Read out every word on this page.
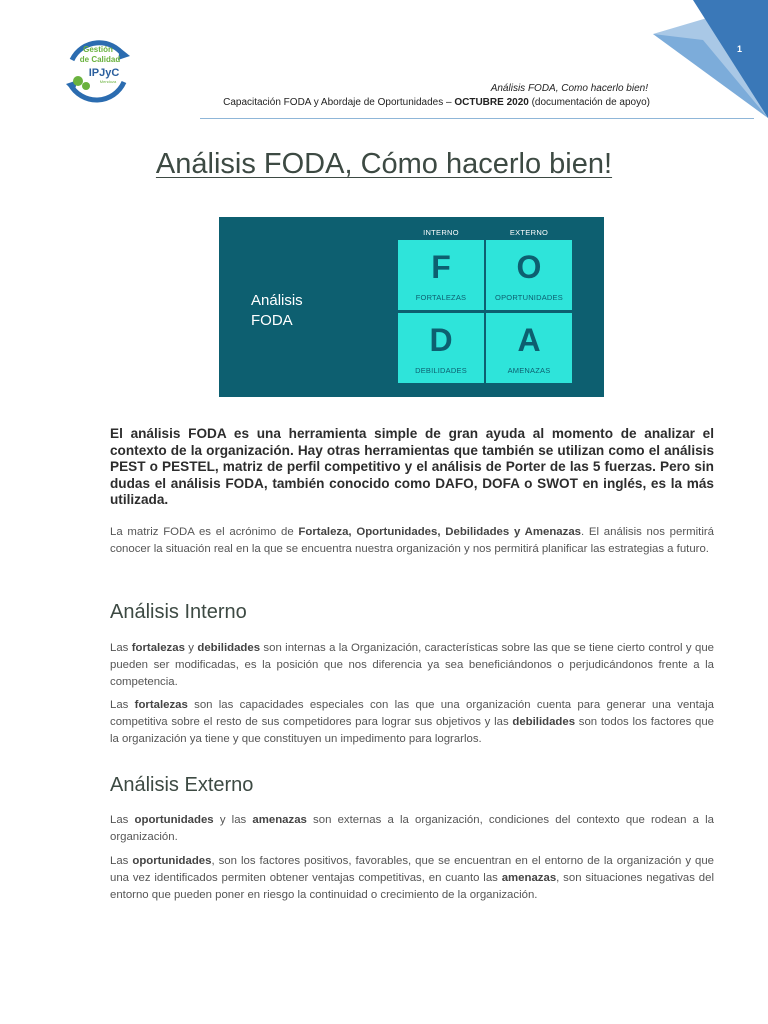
Gestión
de Calidad
IPJyC
Mendoza
1
Análisis FODA, Como hacerlo bien!
Capacitación FODA y Abordaje de Oportunidades – OCTUBRE 2020 (documentación de apoyo)
Análisis FODA, Cómo hacerlo bien!
Análisis
FODA
INTERNO	EXTERNO
F
FORTALEZAS
O
OPORTUNIDADES
D
DEBILIDADES
A
AMENAZAS
El análisis FODA es una herramienta simple de gran ayuda al momento de analizar el contexto de la organización. Hay otras herramientas que también se utilizan como el análisis PEST o PESTEL, matriz de perfil competitivo y el análisis de Porter de las 5 fuerzas. Pero sin dudas el análisis FODA, también conocido como DAFO, DOFA o SWOT en inglés, es la más utilizada.
La matriz FODA es el acrónimo de Fortaleza, Oportunidades, Debilidades y Amenazas. El análisis nos permitirá conocer la situación real en la que se encuentra nuestra organización y nos permitirá planificar las estrategias a futuro.
Análisis Interno
Las fortalezas y debilidades son internas a la Organización, características sobre las que se tiene cierto control y que pueden ser modificadas, es la posición que nos diferencia ya sea beneficiándonos o perjudicándonos frente a la competencia.
Las fortalezas son las capacidades especiales con las que una organización cuenta para generar una ventaja competitiva sobre el resto de sus competidores para lograr sus objetivos y las debilidades son todos los factores que la organización ya tiene y que constituyen un impedimento para lograrlos.
Análisis Externo
Las oportunidades y las amenazas son externas a la organización, condiciones del contexto que rodean a la organización.
Las oportunidades, son los factores positivos, favorables, que se encuentran en el entorno de la organización y que una vez identificados permiten obtener ventajas competitivas, en cuanto las amenazas, son situaciones negativas del entorno que pueden poner en riesgo la continuidad o crecimiento de la organización.
